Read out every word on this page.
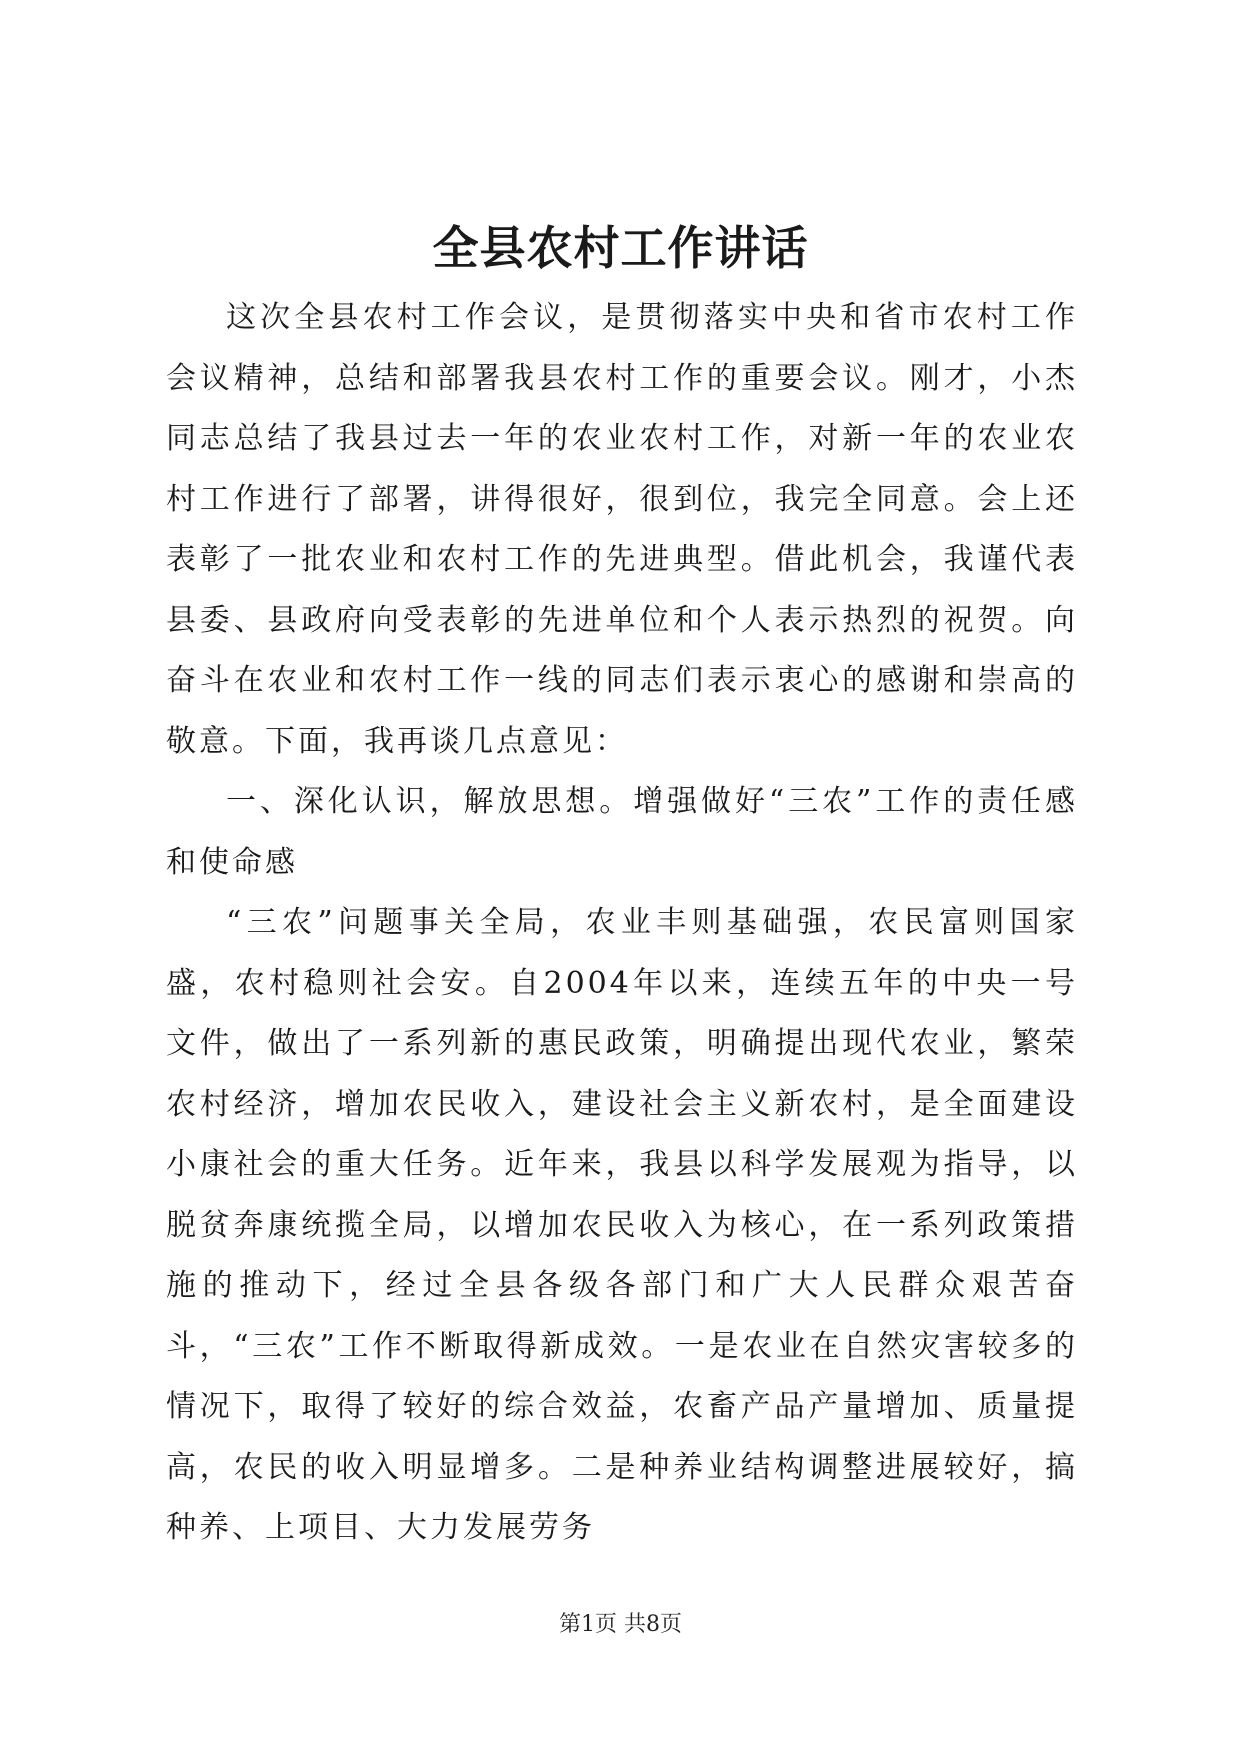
全县农村工作讲话

这次全县农村工作会议，是贯彻落实中央和省市农村工作会议精神，总结和部署我县农村工作的重要会议。刚才，小杰同志总结了我县过去一年的农业农村工作，对新一年的农业农村工作进行了部署，讲得很好，很到位，我完全同意。会上还表彰了一批农业和农村工作的先进典型。借此机会，我谨代表县委、县政府向受表彰的先进单位和个人表示热烈的祝贺。向奋斗在农业和农村工作一线的同志们表示衷心的感谢和崇高的敬意。下面，我再谈几点意见：

一、深化认识，解放思想。增强做好“三农”工作的责任感和使命感

“三农”问题事关全局，农业丰则基础强，农民富则国家盛，农村稳则社会安。自2004年以来，连续五年的中央一号文件，做出了一系列新的惠民政策，明确提出现代农业，繁荣农村经济，增加农民收入，建设社会主义新农村，是全面建设小康社会的重大任务。近年来，我县以科学发展观为指导，以脱贫奔康统揽全局，以增加农民收入为核心，在一系列政策措施的推动下，经过全县各级各部门和广大人民群众艰苦奋斗，“三农”工作不断取得新成效。一是农业在自然灾害较多的情况下，取得了较好的综合效益，农畜产品产量增加、质量提高，农民的收入明显增多。二是种养业结构调整进展较好，搞种养、上项目、大力发展劳务

第1页 共8页
